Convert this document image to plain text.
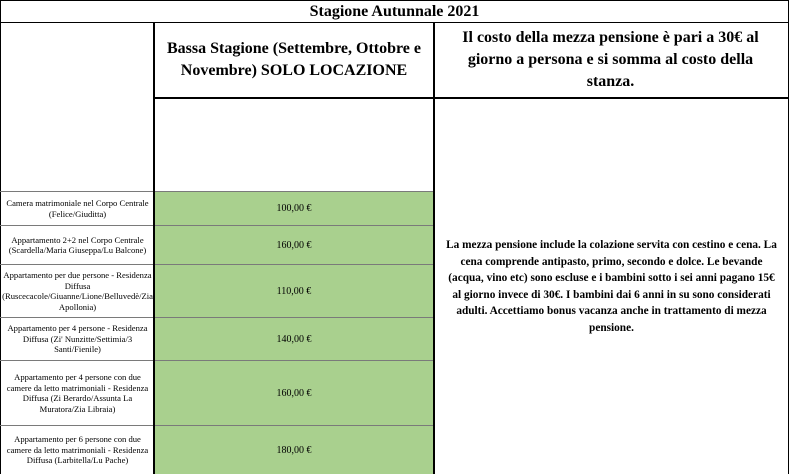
Stagione Autunnale 2021
Bassa Stagione (Settembre, Ottobre e Novembre) SOLO LOCAZIONE
Il costo della mezza pensione è pari a 30€ al giorno a persona e si somma al costo della stanza.
Camera matrimoniale nel Corpo Centrale (Felice/Giuditta)
Appartamento 2+2 nel Corpo Centrale (Scardella/Maria Giuseppa/Lu Balcone)
Appartamento per due persone - Residenza Diffusa (Ruscecacole/Giuanne/Lione/Belluvedè/Zia Apollonia)
Appartamento per 4 persone - Residenza Diffusa (Zi' Nunzitte/Settimia/3 Santi/Fienile)
Appartamento per 4 persone con due camere da letto matrimoniali - Residenza Diffusa (Zi Berardo/Assunta La Muratora/Zia Libraia)
Appartamento per 6 persone con due camere da letto matrimoniali - Residenza Diffusa (Larbitella/Lu Pache)
100,00 €
160,00 €
110,00 €
140,00 €
160,00 €
180,00 €
La mezza pensione include la colazione servita con cestino e cena. La cena comprende antipasto, primo, secondo e dolce. Le bevande (acqua, vino etc) sono escluse e i bambini sotto i sei anni pagano 15€ al giorno invece di 30€. I bambini dai 6 anni in su sono considerati adulti. Accettiamo bonus vacanza anche in trattamento di mezza pensione.
